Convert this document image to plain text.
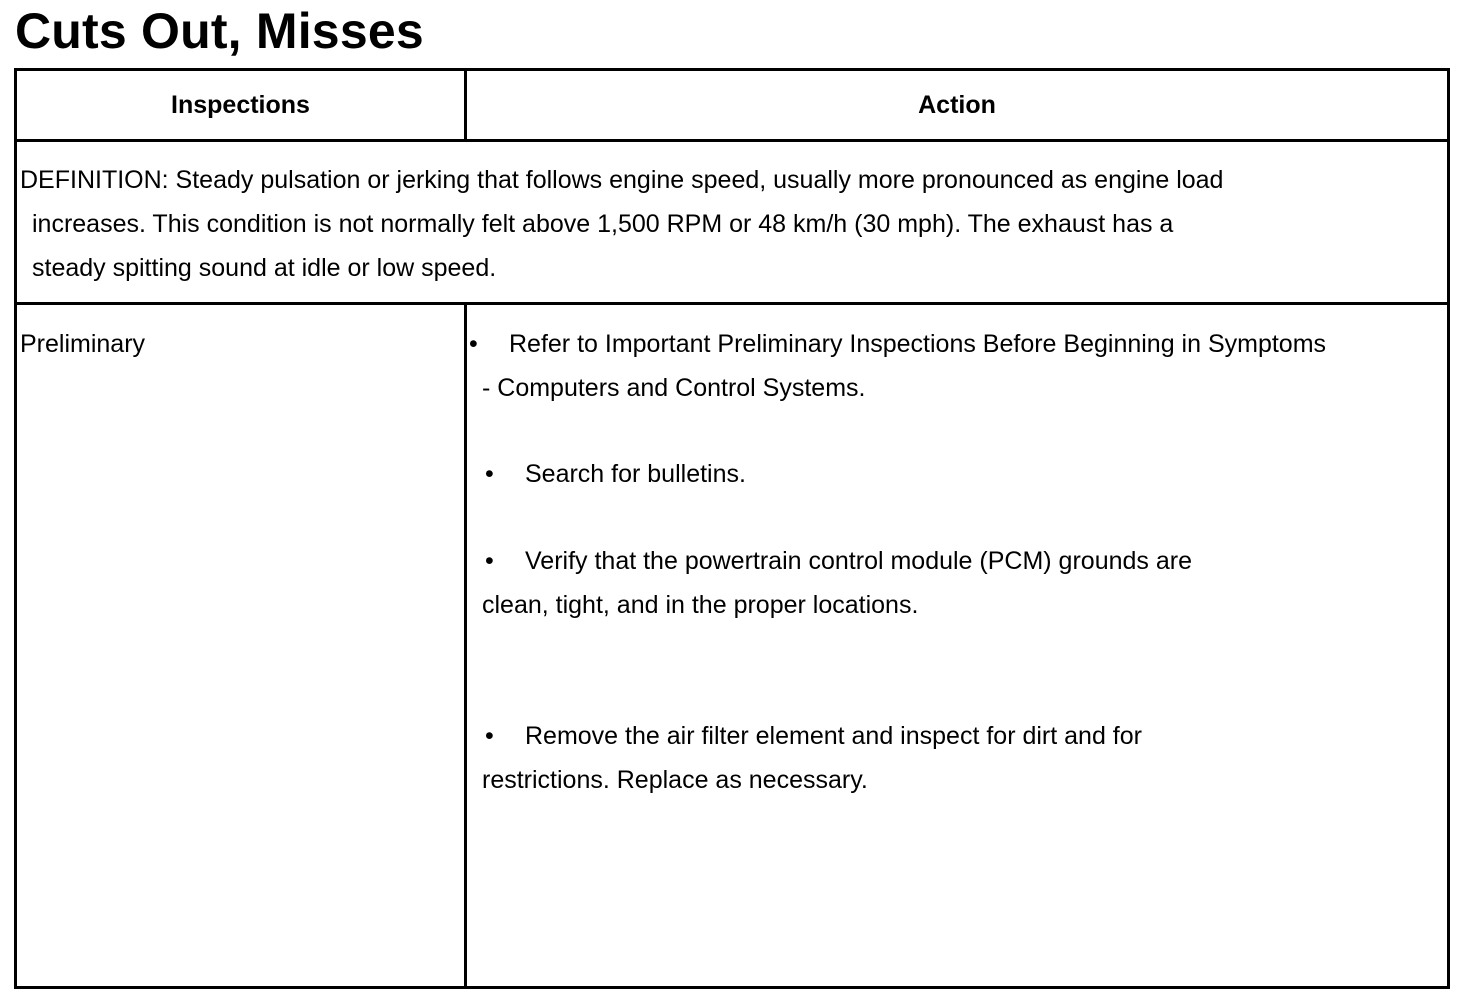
Cuts Out, Misses
Inspections	Action
DEFINITION: Steady pulsation or jerking that follows engine speed, usually more pronounced as engine load
increases. This condition is not normally felt above 1,500 RPM or 48 km/h (30 mph). The exhaust has a
steady spitting sound at idle or low speed.
Preliminary	• Refer to Important Preliminary Inspections Before Beginning in Symptoms
- Computers and Control Systems.
• Search for bulletins.
• Verify that the powertrain control module (PCM) grounds are
clean, tight, and in the proper locations.
• Remove the air filter element and inspect for dirt and for
restrictions. Replace as necessary.
